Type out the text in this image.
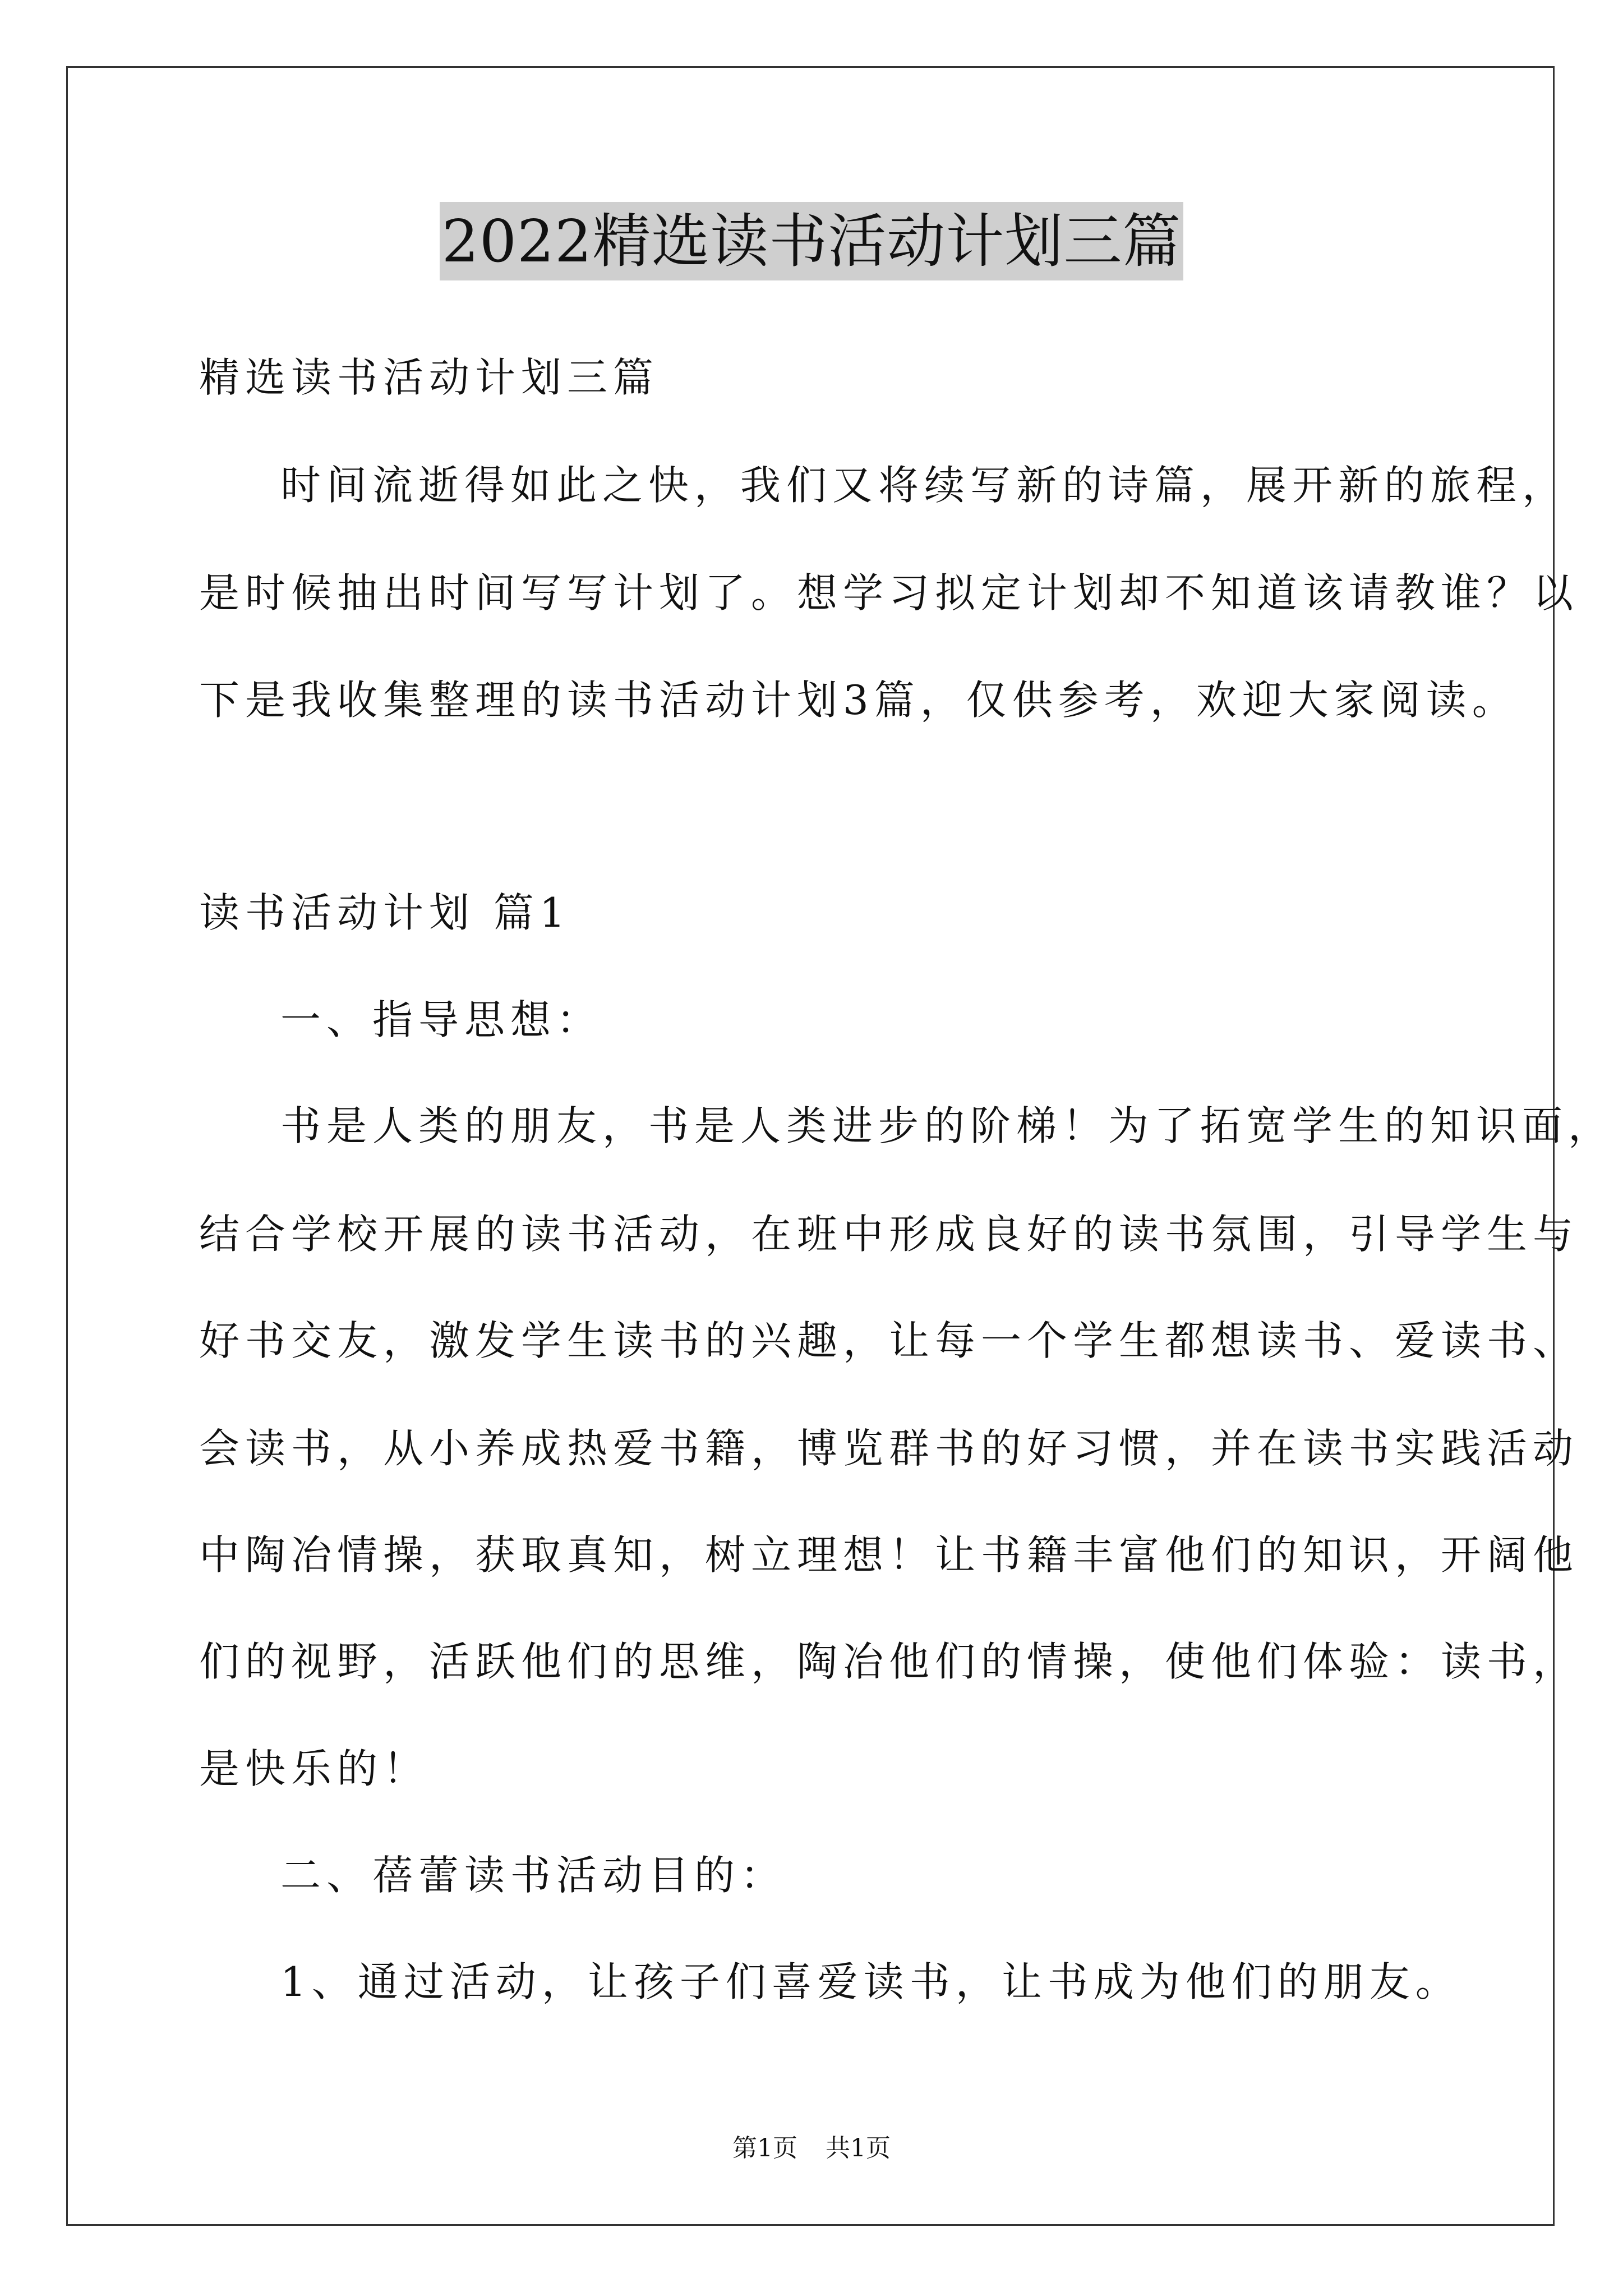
2022精选读书活动计划三篇
精选读书活动计划三篇
时间流逝得如此之快，我们又将续写新的诗篇，展开新的旅程，
是时候抽出时间写写计划了。想学习拟定计划却不知道该请教谁？以
下是我收集整理的读书活动计划3篇，仅供参考，欢迎大家阅读。
读书活动计划 篇1
一、指导思想：
书是人类的朋友，书是人类进步的阶梯！为了拓宽学生的知识面，
结合学校开展的读书活动，在班中形成良好的读书氛围，引导学生与
好书交友，激发学生读书的兴趣，让每一个学生都想读书、爱读书、
会读书，从小养成热爱书籍，博览群书的好习惯，并在读书实践活动
中陶冶情操，获取真知，树立理想！让书籍丰富他们的知识，开阔他
们的视野，活跃他们的思维，陶冶他们的情操，使他们体验：读书，
是快乐的！
二、蓓蕾读书活动目的：
1、通过活动，让孩子们喜爱读书，让书成为他们的朋友。
第1页 共1页
